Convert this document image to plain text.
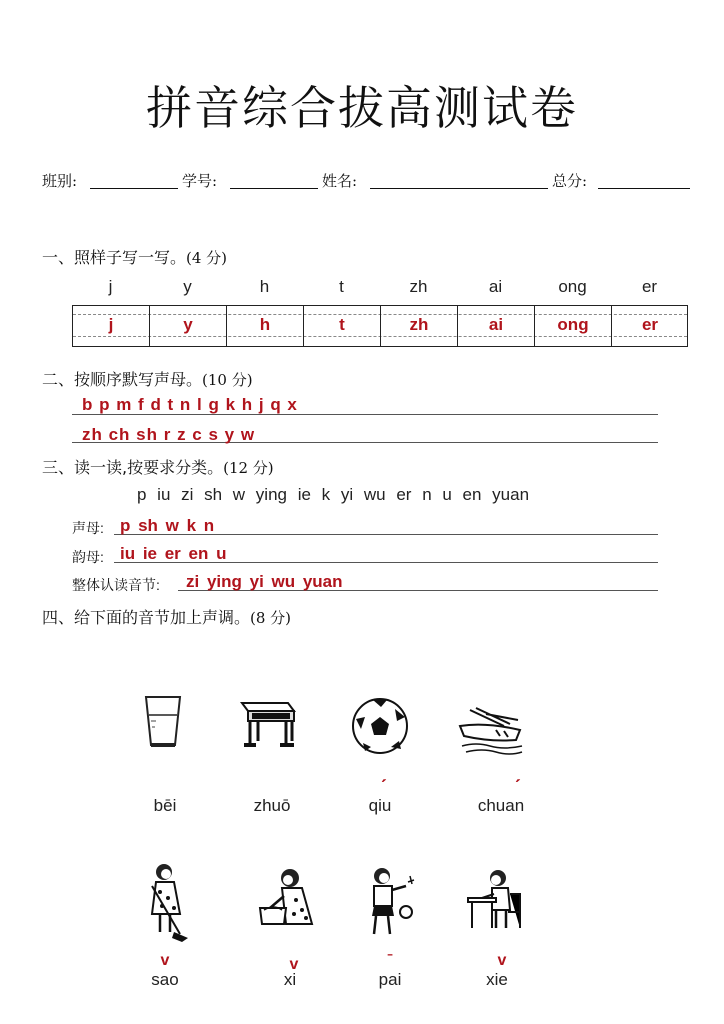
拼音综合拔高测试卷
班别:	学号:	姓名:	总分:
一、照样子写一写。(4 分)
j	y	h	t	zh	ai	ong	er
j	y	h	t	zh	ai	ong	er
二、按顺序默写声母。(10 分)
b p m f d t n l g k h j q x
zh ch sh r z c s y w
三、读一读,按要求分类。(12 分)
p iu zi sh w ying ie k yi wu er n u en yuan
声母: p sh w k n
韵母: iu ie er en u
整体认读音节: zi ying yi wu yuan
四、给下面的音节加上声调。(8 分)
bēi	zhuō
ˊ
qiu
ˊ
chuan
v
sao
v
xi
ˉ
pai
v
xie
